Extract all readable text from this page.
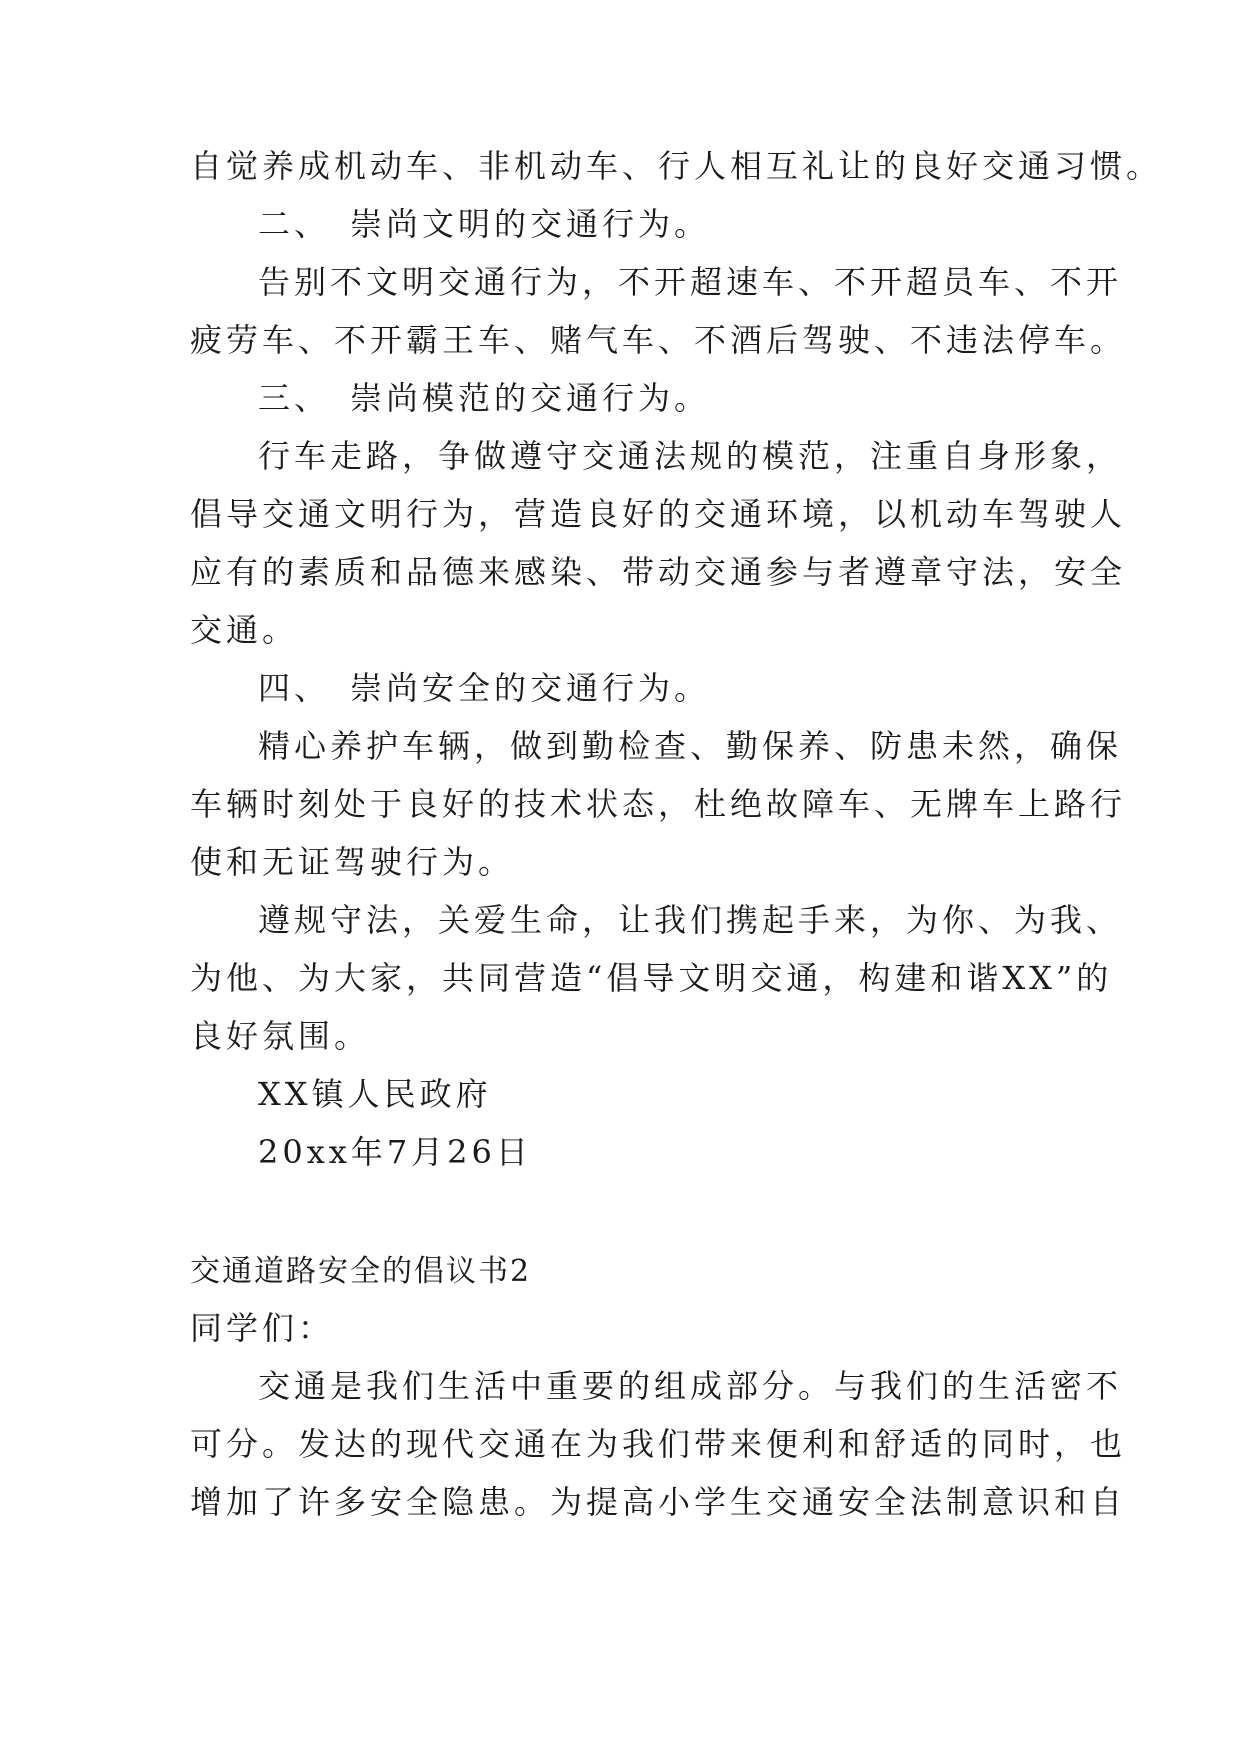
自觉养成机动车、非机动车、行人相互礼让的良好交通习惯。
二、 崇尚文明的交通行为。
告别不文明交通行为，不开超速车、不开超员车、不开
疲劳车、不开霸王车、赌气车、不酒后驾驶、不违法停车。
三、 崇尚模范的交通行为。
行车走路，争做遵守交通法规的模范，注重自身形象，
倡导交通文明行为，营造良好的交通环境，以机动车驾驶人
应有的素质和品德来感染、带动交通参与者遵章守法，安全
交通。
四、 崇尚安全的交通行为。
精心养护车辆，做到勤检查、勤保养、防患未然，确保
车辆时刻处于良好的技术状态，杜绝故障车、无牌车上路行
使和无证驾驶行为。
遵规守法，关爱生命，让我们携起手来，为你、为我、
为他、为大家，共同营造“倡导文明交通，构建和谐XX”的
良好氛围。
XX镇人民政府
20xx年7月26日
交通道路安全的倡议书2
同学们：
交通是我们生活中重要的组成部分。与我们的生活密不
可分。发达的现代交通在为我们带来便利和舒适的同时，也
增加了许多安全隐患。为提高小学生交通安全法制意识和自
